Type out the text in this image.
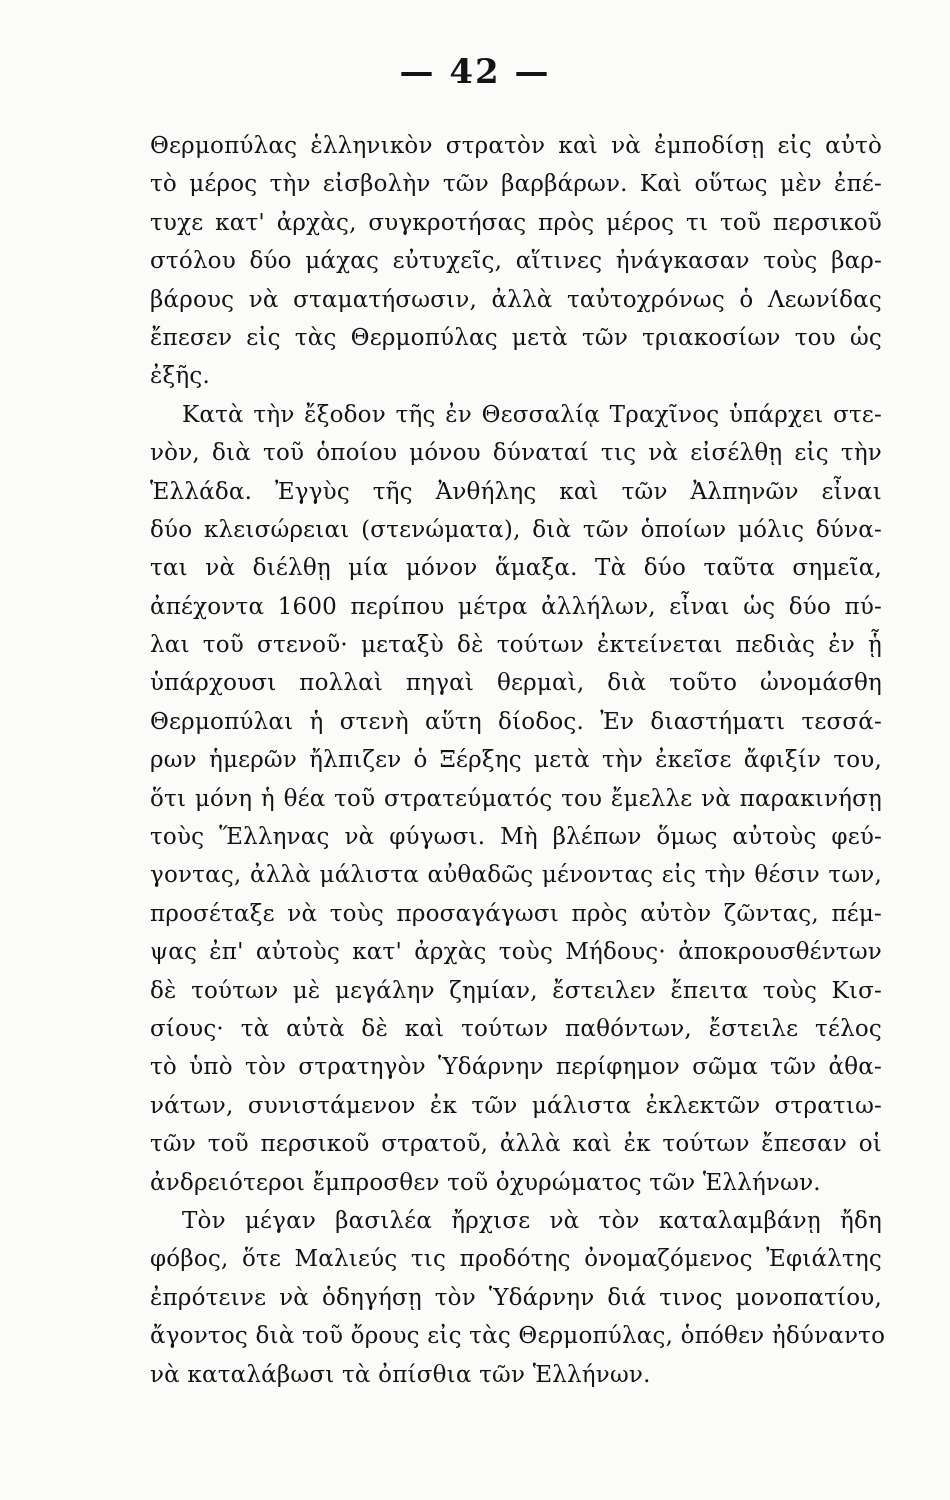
— 42 —
Θερμοπύλας ἑλληνικὸν στρατὸν καὶ νὰ ἐμποδίσῃ εἰς αὐτὸ
τὸ μέρος τὴν εἰσβολὴν τῶν βαρβάρων. Καὶ οὕτως μὲν ἐπέ-
τυχε κατ' ἀρχὰς, συγκροτήσας πρὸς μέρος τι τοῦ περσικοῦ
στόλου δύο μάχας εὐτυχεῖς, αἵτινες ἠνάγκασαν τοὺς βαρ-
βάρους νὰ σταματήσωσιν, ἀλλὰ ταὐτοχρόνως ὁ Λεωνίδας
ἔπεσεν εἰς τὰς Θερμοπύλας μετὰ τῶν τριακοσίων του ὡς
ἐξῆς.
Κατὰ τὴν ἔξοδον τῆς ἐν Θεσσαλίᾳ Τραχῖνος ὑπάρχει στε-
νὸν, διὰ τοῦ ὁποίου μόνου δύναταί τις νὰ εἰσέλθῃ εἰς τὴν
Ἑλλάδα. Ἐγγὺς τῆς Ἀνθήλης καὶ τῶν Ἀλπηνῶν εἶναι
δύο κλεισώρειαι (στενώματα), διὰ τῶν ὁποίων μόλις δύνα-
ται νὰ διέλθῃ μία μόνον ἅμαξα. Τὰ δύο ταῦτα σημεῖα,
ἀπέχοντα 1600 περίπου μέτρα ἀλλήλων, εἶναι ὡς δύο πύ-
λαι τοῦ στενοῦ· μεταξὺ δὲ τούτων ἐκτείνεται πεδιὰς ἐν ᾗ
ὑπάρχουσι πολλαὶ πηγαὶ θερμαὶ, διὰ τοῦτο ὠνομάσθη
Θερμοπύλαι ἡ στενὴ αὕτη δίοδος. Ἐν διαστήματι τεσσά-
ρων ἡμερῶν ἤλπιζεν ὁ Ξέρξης μετὰ τὴν ἐκεῖσε ἄφιξίν του,
ὅτι μόνη ἡ θέα τοῦ στρατεύματός του ἔμελλε νὰ παρακινήσῃ
τοὺς Ἕλληνας νὰ φύγωσι. Μὴ βλέπων ὅμως αὐτοὺς φεύ-
γοντας, ἀλλὰ μάλιστα αὐθαδῶς μένοντας εἰς τὴν θέσιν των,
προσέταξε νὰ τοὺς προσαγάγωσι πρὸς αὐτὸν ζῶντας, πέμ-
ψας ἐπ' αὐτοὺς κατ' ἀρχὰς τοὺς Μήδους· ἀποκρουσθέντων
δὲ τούτων μὲ μεγάλην ζημίαν, ἔστειλεν ἔπειτα τοὺς Κισ-
σίους· τὰ αὐτὰ δὲ καὶ τούτων παθόντων, ἔστειλε τέλος
τὸ ὑπὸ τὸν στρατηγὸν Ὑδάρνην περίφημον σῶμα τῶν ἀθα-
νάτων, συνιστάμενον ἐκ τῶν μάλιστα ἐκλεκτῶν στρατιω-
τῶν τοῦ περσικοῦ στρατοῦ, ἀλλὰ καὶ ἐκ τούτων ἔπεσαν οἱ
ἀνδρειότεροι ἔμπροσθεν τοῦ ὀχυρώματος τῶν Ἑλλήνων.
Τὸν μέγαν βασιλέα ἤρχισε νὰ τὸν καταλαμβάνῃ ἤδη
φόβος, ὅτε Μαλιεύς τις προδότης ὀνομαζόμενος Ἐφιάλτης
ἐπρότεινε νὰ ὁδηγήσῃ τὸν Ὑδάρνην διά τινος μονοπατίου,
ἄγοντος διὰ τοῦ ὄρους εἰς τὰς Θερμοπύλας, ὁπόθεν ἠδύναντο
νὰ καταλάβωσι τὰ ὀπίσθια τῶν Ἑλλήνων.
